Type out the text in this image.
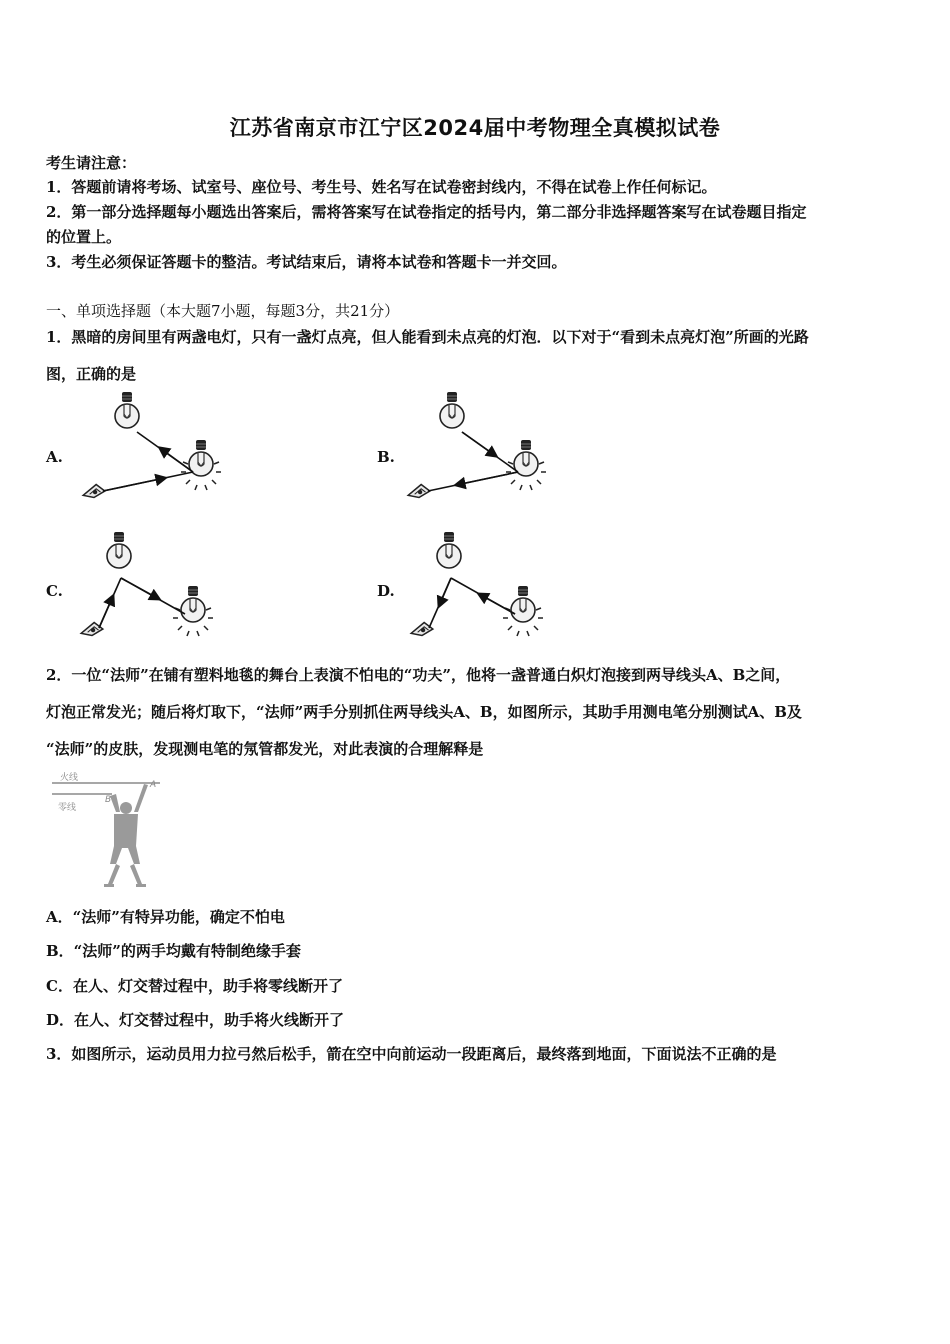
江苏省南京市江宁区2024届中考物理全真模拟试卷
考生请注意：
1．答题前请将考场、试室号、座位号、考生号、姓名写在试卷密封线内，不得在试卷上作任何标记。
2．第一部分选择题每小题选出答案后，需将答案写在试卷指定的括号内，第二部分非选择题答案写在试卷题目指定
的位置上。
3．考生必须保证答题卡的整洁。考试结束后，请将本试卷和答题卡一并交回。
一、单项选择题（本大题7小题，每题3分，共21分）
1．黑暗的房间里有两盏电灯，只有一盏灯点亮，但人能看到未点亮的灯泡．以下对于“看到未点亮灯泡”所画的光路
图，正确的是
A.	B.
C.	D.
2．一位“法师”在铺有塑料地毯的舞台上表演不怕电的“功夫”，他将一盏普通白炽灯泡接到两导线头A、B之间，
灯泡正常发光；随后将灯取下，“法师”两手分别抓住两导线头A、B，如图所示，其助手用测电笔分别测试A、B及
“法师”的皮肤，发现测电笔的氖管都发光，对此表演的合理解释是
火线
零线
A
B
A．“法师”有特异功能，确定不怕电
B．“法师”的两手均戴有特制绝缘手套
C．在人、灯交替过程中，助手将零线断开了
D．在人、灯交替过程中，助手将火线断开了
3．如图所示，运动员用力拉弓然后松手，箭在空中向前运动一段距离后，最终落到地面，下面说法不正确的是
